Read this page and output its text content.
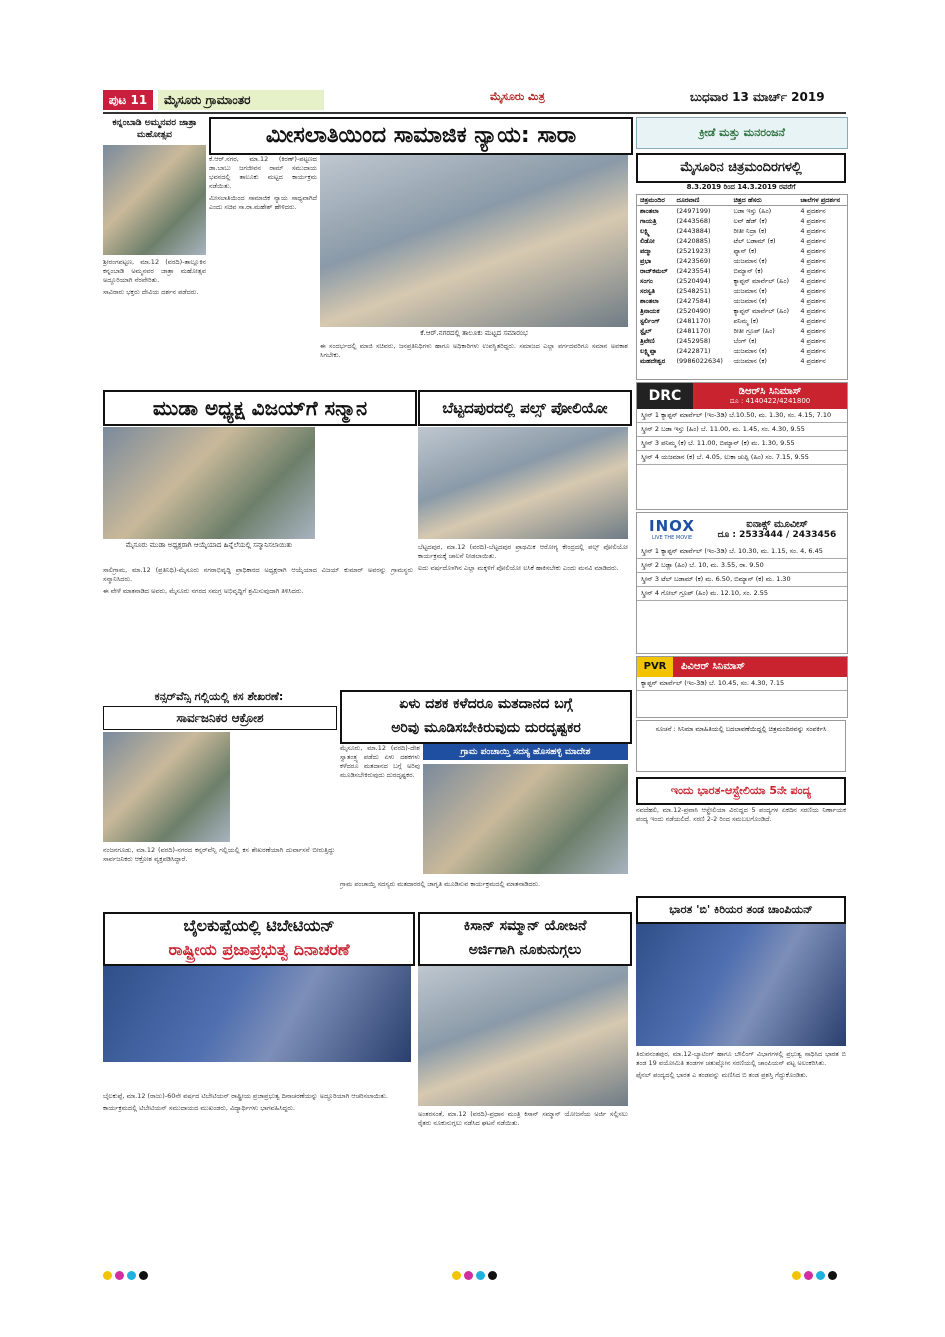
ಪುಟ 11	ಮೈಸೂರು ಗ್ರಾಮಾಂತರ	ಮೈಸೂರು ಮಿತ್ರ	ಬುಧವಾರ 13 ಮಾರ್ಚ್ 2019
ಕನ್ನಂಬಾಡಿ ಅಮ್ಮನವರ ಜಾತ್ರಾ ಮಹೋತ್ಸವ

ಶ್ರೀರಂಗಪಟ್ಟಣ, ಮಾ.12 (ವರದಿ)-ತಾಲ್ಲೂಕಿನ ಕನ್ನಂಬಾಡಿ ಅಮ್ಮನವರ ಜಾತ್ರಾ ಮಹೋತ್ಸವ ಅದ್ದೂರಿಯಾಗಿ ನೆರವೇರಿತು.

ಸಾವಿರಾರು ಭಕ್ತರು ದೇವಿಯ ದರ್ಶನ ಪಡೆದರು.

ಮೀಸಲಾತಿಯಿಂದ ಸಾಮಾಜಿಕ ನ್ಯಾಯ: ಸಾರಾ

ಕೆ.ಆರ್.ನಗರ, ಮಾ.12 (ಕಿರಣ್)-ಪಟ್ಟಣದ ಡಾ.ಬಾಬು ಜಗಜೀವನ ರಾಮ್ ಸಮುದಾಯ ಭವನದಲ್ಲಿ ತಾಲೂಕು ಮಟ್ಟದ ಕಾರ್ಯಕ್ರಮ ನಡೆಯಿತು.

ಮೀಸಲಾತಿಯಿಂದ ಸಾಮಾಜಿಕ ನ್ಯಾಯ ಸಾಧ್ಯವಾಗಿದೆ ಎಂದು ಸಚಿವ ಸಾ.ರಾ.ಮಹೇಶ್ ಹೇಳಿದರು.

ಕೆ.ಆರ್.ನಗರದಲ್ಲಿ ತಾಲೂಕು ಮಟ್ಟದ ಸಮಾರಂಭ

ಈ ಸಂದರ್ಭದಲ್ಲಿ ಮಾಜಿ ಸಚಿವರು, ಜನಪ್ರತಿನಿಧಿಗಳು ಹಾಗೂ ಅಧಿಕಾರಿಗಳು ಉಪಸ್ಥಿತರಿದ್ದರು. ಸಮಾಜದ ಎಲ್ಲಾ ವರ್ಗದವರಿಗೂ ಸಮಾನ ಅವಕಾಶ ಸಿಗಬೇಕು.

ಮುಡಾ ಅಧ್ಯಕ್ಷ ವಿಜಯ್‌ಗೆ ಸನ್ಮಾನ
ಮೈಸೂರು ಮುಡಾ ಅಧ್ಯಕ್ಷರಾಗಿ ಆಯ್ಕೆಯಾದ ಹಿನ್ನೆಲೆಯಲ್ಲಿ ಸನ್ಮಾನಿಸಲಾಯಿತು

ಸಾಲಿಗ್ರಾಮ, ಮಾ.12 (ಪ್ರತಿನಿಧಿ)-ಮೈಸೂರು ನಗರಾಭಿವೃದ್ಧಿ ಪ್ರಾಧಿಕಾರದ ಅಧ್ಯಕ್ಷರಾಗಿ ಆಯ್ಕೆಯಾದ ವಿಜಯ್ ಕುಮಾರ್ ಅವರನ್ನು ಗ್ರಾಮಸ್ಥರು ಸನ್ಮಾನಿಸಿದರು.

ಈ ವೇಳೆ ಮಾತನಾಡಿದ ಅವರು, ಮೈಸೂರು ನಗರದ ಸಮಗ್ರ ಅಭಿವೃದ್ಧಿಗೆ ಶ್ರಮಿಸುವುದಾಗಿ ತಿಳಿಸಿದರು.

ಬೆಟ್ಟದಪುರದಲ್ಲಿ ಪಲ್ಸ್ ಪೋಲಿಯೋ

ಬೆಟ್ಟದಪುರ, ಮಾ.12 (ವರದಿ)-ಬೆಟ್ಟದಪುರ ಪ್ರಾಥಮಿಕ ಆರೋಗ್ಯ ಕೇಂದ್ರದಲ್ಲಿ ಪಲ್ಸ್ ಪೋಲಿಯೋ ಕಾರ್ಯಕ್ರಮಕ್ಕೆ ಚಾಲನೆ ನೀಡಲಾಯಿತು.

ಐದು ವರ್ಷದೊಳಗಿನ ಎಲ್ಲಾ ಮಕ್ಕಳಿಗೆ ಪೋಲಿಯೋ ಲಸಿಕೆ ಹಾಕಿಸಬೇಕು ಎಂದು ಮನವಿ ಮಾಡಿದರು.

ಕನ್ಸರ್‌ವೆನ್ಸಿ ಗಲ್ಲಿಯಲ್ಲಿ ಕಸ ಶೇಖರಣೆ:
ಸಾರ್ವಜನಿಕರ ಆಕ್ರೋಶ

ನಂಜನಗೂಡು, ಮಾ.12 (ವರದಿ)-ನಗರದ ಕನ್ಸರ್‌ವೆನ್ಸಿ ಗಲ್ಲಿಯಲ್ಲಿ ಕಸ ಶೇಖರಣೆಯಾಗಿ ದುರ್ವಾಸನೆ ಬೀರುತ್ತಿದ್ದು ಸಾರ್ವಜನಿಕರು ಆಕ್ರೋಶ ವ್ಯಕ್ತಪಡಿಸಿದ್ದಾರೆ.

ಏಳು ದಶಕ ಕಳೆದರೂ ಮತದಾನದ ಬಗ್ಗೆ
ಅರಿವು ಮೂಡಿಸಬೇಕಿರುವುದು ದುರದೃಷ್ಟಕರ

ಮೈಸೂರು, ಮಾ.12 (ವರದಿ)-ದೇಶ ಸ್ವಾತಂತ್ರ್ಯ ಪಡೆದು ಏಳು ದಶಕಗಳು ಕಳೆದರೂ ಮತದಾನದ ಬಗ್ಗೆ ಅರಿವು ಮೂಡಿಸಬೇಕಿರುವುದು ದುರದೃಷ್ಟಕರ.

ಗ್ರಾಮ ಪಂಚಾಯ್ತಿ ಸದಸ್ಯ ಹೊಸಹಳ್ಳಿ ಮಾದೇಶ

ಗ್ರಾಮ ಪಂಚಾಯ್ತಿ ಸದಸ್ಯರು ಮತದಾರರಲ್ಲಿ ಜಾಗೃತಿ ಮೂಡಿಸುವ ಕಾರ್ಯಕ್ರಮದಲ್ಲಿ ಮಾತನಾಡಿದರು.

ಬೈಲಕುಪ್ಪೆಯಲ್ಲಿ ಟಿಬೇಟಿಯನ್
ರಾಷ್ಟ್ರೀಯ ಪ್ರಜಾಪ್ರಭುತ್ವ ದಿನಾಚರಣೆ

ಬೈಲಕುಪ್ಪೆ, ಮಾ.12 (ರಾಜು)-60ನೇ ವರ್ಷದ ಟಿಬೇಟಿಯನ್ ರಾಷ್ಟ್ರೀಯ ಪ್ರಜಾಪ್ರಭುತ್ವ ದಿನಾಚರಣೆಯನ್ನು ಅದ್ದೂರಿಯಾಗಿ ಆಚರಿಸಲಾಯಿತು.

ಕಾರ್ಯಕ್ರಮದಲ್ಲಿ ಟಿಬೇಟಿಯನ್ ಸಮುದಾಯದ ಮುಖಂಡರು, ವಿದ್ಯಾರ್ಥಿಗಳು ಭಾಗವಹಿಸಿದ್ದರು.

ಕಿಸಾನ್ ಸಮ್ಮಾನ್ ಯೋಜನೆ
ಅರ್ಜಿಗಾಗಿ ನೂಕುನುಗ್ಗಲು

ಅಂತರಸಂತೆ, ಮಾ.12 (ವರದಿ)-ಪ್ರಧಾನ ಮಂತ್ರಿ ಕಿಸಾನ್ ಸಮ್ಮಾನ್ ಯೋಜನೆಯ ಅರ್ಜಿ ಸಲ್ಲಿಸಲು ರೈತರು ನೂಕುನುಗ್ಗಲು ನಡೆಸಿದ ಘಟನೆ ನಡೆಯಿತು.

ಕ್ರೀಡೆ ಮತ್ತು ಮನರಂಜನೆ
ಮೈಸೂರಿನ ಚಿತ್ರಮಂದಿರಗಳಲ್ಲಿ
8.3.2019 ರಿಂದ 14.3.2019 ರವರೆಗೆ
ಚಿತ್ರಮಂದಿರ	ದೂರವಾಣಿ	ಚಿತ್ರದ ಹೆಸರು	ಚಾಲೆಗಳ ಪ್ರದರ್ಶನ
ಶಾಂತಲಾ	(2497199)	ಬಡಾ ಇಸ್ತು (ಹಿಂ)	4 ಪ್ರದರ್ಶನ
ಗಾಯತ್ರಿ	(2443568)	ಲವ್ ಹೆಡ್ (ಕ)	4 ಪ್ರದರ್ಶನ
ಲಕ್ಷ್ಮಿ	(2443884)	ರೀತೀ ನಿದ್ರಾ (ಕ)	4 ಪ್ರದರ್ಶನ
ಲಿಡೋ	(2420885)	ಟೆಲ್ ಬಡಾಮ್ (ಕ)	4 ಪ್ರದರ್ಶನ
ಪದ್ಮಾ	(2521923)	ಫ್ಯಾನ್ (ಕ)	4 ಪ್ರದರ್ಶನ
ಪ್ರಭಾ	(2423569)	ಯಜಮಾನ (ಕ)	4 ಪ್ರದರ್ಶನ
ರಾಜ್‌ಕಮಲ್	(2423554)	ಬಿಮ್ಯಾನ್ (ಕ)	4 ಪ್ರದರ್ಶನ
ಸಂಗಂ	(2520494)	ಕ್ಯಾಪ್ಟನ್ ಮಾರ್ವೆಲ್ (ಹಿಂ)	4 ಪ್ರದರ್ಶನ
ಸರಸ್ವತಿ	(2548251)	ಯಜಮಾನ (ಕ)	4 ಪ್ರದರ್ಶನ
ಶಾಂತಲಾ	(2427584)	ಯಜಮಾನ (ಕ)	4 ಪ್ರದರ್ಶನ
ತ್ರಿನಾಯಕ	(2520490)	ಕ್ಯಾಪ್ಟನ್ ಮಾರ್ವೆಲ್ (ಹಿಂ)	4 ಪ್ರದರ್ಶನ
ಸ್ಟರ್ಲಿಂಗ್	(2481170)	ಪನಿಮ್ಮ (ಕ)	4 ಪ್ರದರ್ಶನ
ಸ್ಟೈಲ್‌	(2481170)	ರೀತೀ ಗ್ರೂಪ್ (ಹಿಂ)	4 ಪ್ರದರ್ಶನ
ತ್ರಿವೇಣಿ	(2452958)	ಬೆಂಗ್ (ಕ)	4 ಪ್ರದರ್ಶನ
ಲಕ್ಷ್ಮಿಪ್ಪಾ	(2422871)	ಯಜಮಾನ (ಕ)	4 ಪ್ರದರ್ಶನ
ಮಹದೇಶ್ವರ	(9986022634)	ಯಜಮಾನ (ಕ)	4 ಪ್ರದರ್ಶನ
DRC	ಡಿಆರ್‌ಸಿ ಸಿನಿಮಾಸ್
ದೂ : 4140422/4241800
ಸ್ಕ್ರೀನ್ 1 ಕ್ಯಾಪ್ಟನ್ ಮಾರ್ವೆಲ್ (ಇಂ-3ಡಿ) ಬೆ.10.50, ಮ. 1.30, ಸಂ. 4.15, 7.10
ಸ್ಕ್ರೀನ್ 2 ಬಡಾ ಇಸ್ತು (ಹಿಂ) ಬೆ. 11.00, ಮ. 1.45, ಸಂ. 4.30, 9.55
ಸ್ಕ್ರೀನ್ 3 ಪನಿಮ್ಮ (ಕ) ಬೆ. 11.00, ಬಿಮ್ಯಾನ್ (ಕ) ಮ. 1.30, 9.55
ಸ್ಕ್ರೀನ್ 4 ಯಜಮಾನ (ಕ) ಬೆ. 4.05, ಲುಕಾ ಚುಪ್ಪಿ (ಹಿಂ) ಸಂ. 7.15, 9.55
INOX
LIVE THE MOVIE
ಐನಾಕ್ಸ್ ಮೂವೀಸ್
ದೂ : 2533444 / 2433456
ಸ್ಕ್ರೀನ್ 1 ಕ್ಯಾಪ್ಟನ್ ಮಾರ್ವೆಲ್ (ಇಂ-3ಡಿ) ಬೆ. 10.30, ಮ. 1.15, ಸಂ. 4, 6.45
ಸ್ಕ್ರೀನ್ 2 ಬಡ್ಲಾ (ಹಿಂ) ಬೆ. 10, ಮ. 3.55, ರಾ. 9.50
ಸ್ಕ್ರೀನ್ 3 ಟೆಲ್ ಬಡಾಮ್ (ಕ) ಮ. 6.50, ಬಿಮ್ಯಾನ್ (ಕ) ಮ. 1.30
ಸ್ಕ್ರೀನ್ 4 ಗೋಲ್ ಗ್ರೂಪ್ (ಹಿಂ) ಮ. 12.10, ಸಂ. 2.55
PVR	ಪಿವಿಆರ್ ಸಿನಿಮಾಸ್
ಕ್ಯಾಪ್ಟನ್ ಮಾರ್ವೆಲ್ (ಇಂ-3ಡಿ) ಬೆ. 10.45, ಸಂ. 4.30, 7.15
ಸೂಚನೆ : ಸಿನಿಮಾ ಮಾಹಿತಿಯಲ್ಲಿ ಬದಲಾವಣೆಯಿದ್ದಲ್ಲಿ ಚಿತ್ರಮಂದಿರವನ್ನು ಸಂಪರ್ಕಿಸಿ
ಇಂದು ಭಾರತ-ಆಸ್ಟ್ರೇಲಿಯಾ 5ನೇ ಪಂದ್ಯ

ನವದೆಹಲಿ, ಮಾ.12-ಪ್ರವಾಸಿ ಆಸ್ಟ್ರೇಲಿಯಾ ವಿರುದ್ಧದ 5 ಪಂದ್ಯಗಳ ಏಕದಿನ ಸರಣಿಯ ನಿರ್ಣಾಯಕ ಪಂದ್ಯ ಇಂದು ನಡೆಯಲಿದೆ. ಸರಣಿ 2-2 ರಿಂದ ಸಮಬಲಗೊಂಡಿದೆ.

ಭಾರತ 'ಬಿ' ಕಿರಿಯರ ತಂಡ ಚಾಂಪಿಯನ್

ತಿರುವನಂತಪುರ, ಮಾ.12-ಬ್ಯಾಟಿಂಗ್ ಹಾಗೂ ಬೌಲಿಂಗ್ ವಿಭಾಗಗಳಲ್ಲಿ ಪ್ರಭುತ್ವ ಸಾಧಿಸಿದ ಭಾರತ ಬಿ ತಂಡ 19 ವಯೋಮಿತಿ ತಂಡಗಳ ಚತುಷ್ಕೋನ ಸರಣಿಯಲ್ಲಿ ಚಾಂಪಿಯನ್ ಪಟ್ಟ ಅಲಂಕರಿಸಿತು.

ಫೈನಲ್ ಪಂದ್ಯದಲ್ಲಿ ಭಾರತ ಎ ತಂಡವನ್ನು ಮಣಿಸಿದ ಬಿ ತಂಡ ಪ್ರಶಸ್ತಿ ಗೆದ್ದುಕೊಂಡಿತು.
